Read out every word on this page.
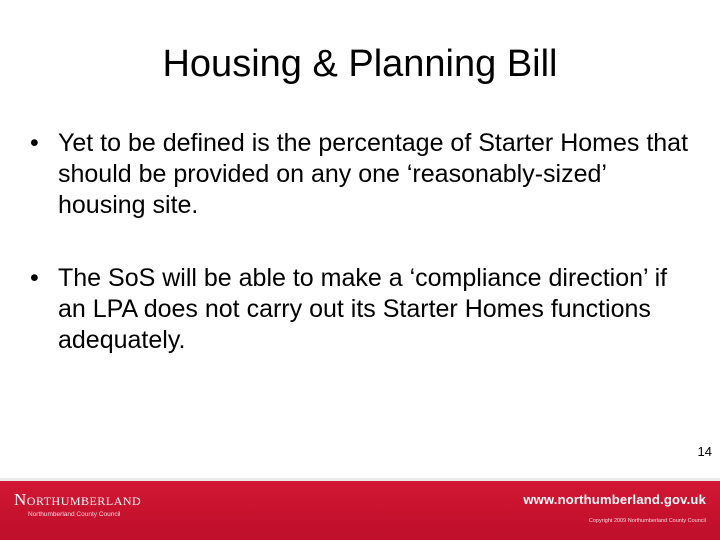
Housing & Planning Bill
• Yet to be defined is the percentage of Starter Homes that should be provided on any one ‘reasonably-sized’ housing site.
• The SoS will be able to make a ‘compliance direction’ if an LPA does not carry out its Starter Homes functions adequately.
14
Northumberland
Northumberland County Council
www.northumberland.gov.uk
Copyright 2009 Northumberland County Council
